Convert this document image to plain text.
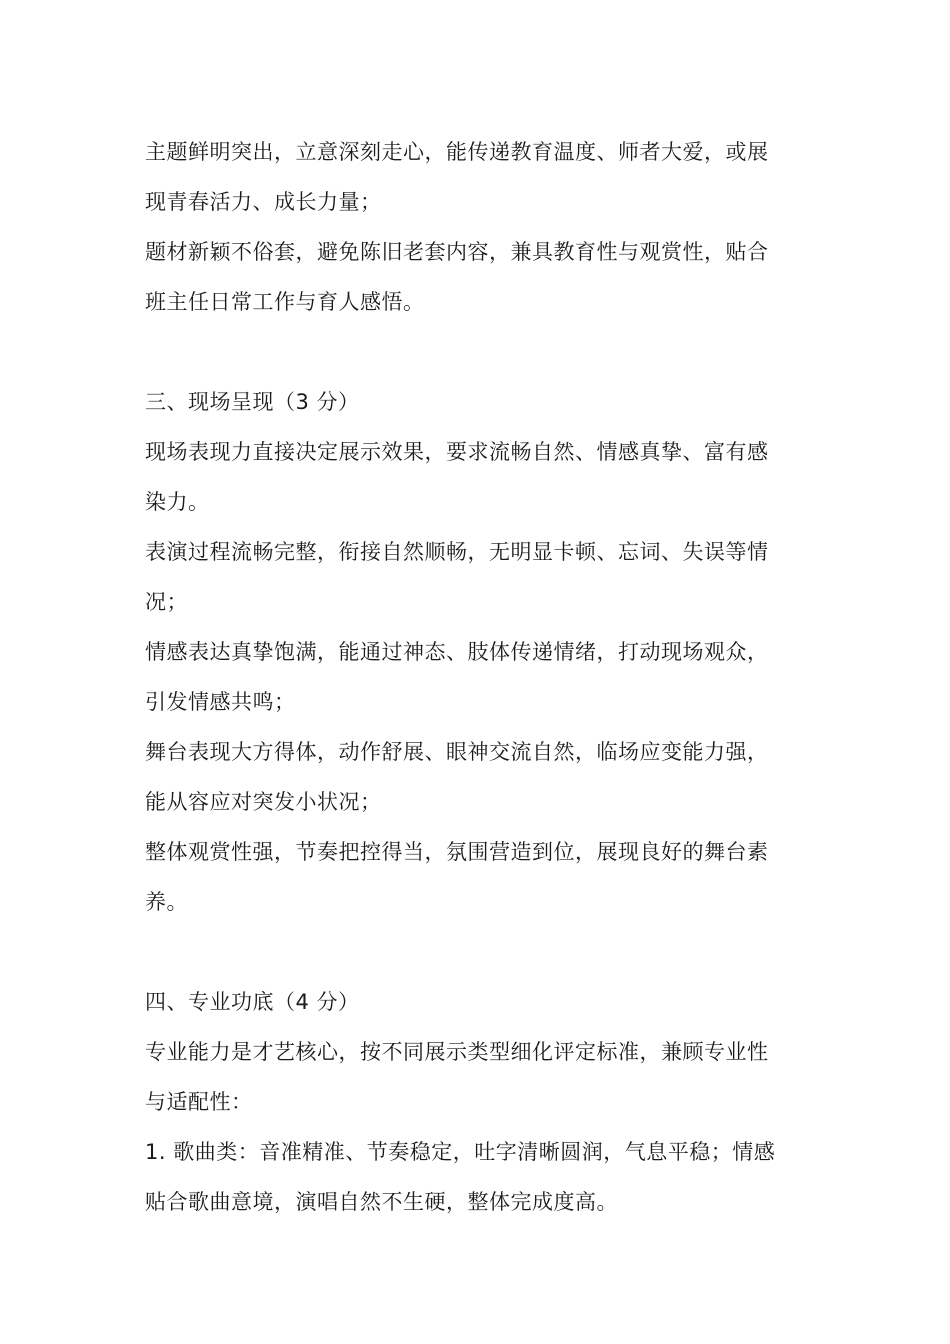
主题鲜明突出，立意深刻走心，能传递教育温度、师者大爱，或展
现青春活力、成长力量；
题材新颖不俗套，避免陈旧老套内容，兼具教育性与观赏性，贴合
班主任日常工作与育人感悟。
三、现场呈现（3 分）
现场表现力直接决定展示效果，要求流畅自然、情感真挚、富有感
染力。
表演过程流畅完整，衔接自然顺畅，无明显卡顿、忘词、失误等情
况；
情感表达真挚饱满，能通过神态、肢体传递情绪，打动现场观众，
引发情感共鸣；
舞台表现大方得体，动作舒展、眼神交流自然，临场应变能力强，
能从容应对突发小状况；
整体观赏性强，节奏把控得当，氛围营造到位，展现良好的舞台素
养。
四、专业功底（4 分）
专业能力是才艺核心，按不同展示类型细化评定标准，兼顾专业性
与适配性：
1. 歌曲类：音准精准、节奏稳定，吐字清晰圆润，气息平稳；情感
贴合歌曲意境，演唱自然不生硬，整体完成度高。
